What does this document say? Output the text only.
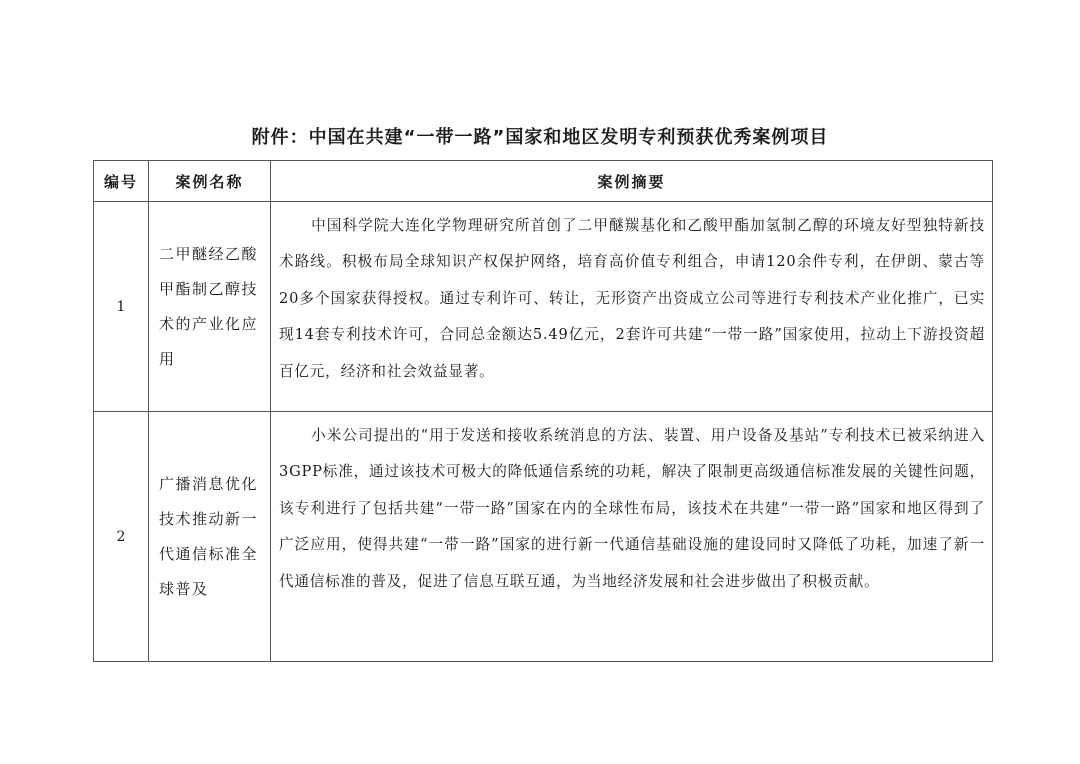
附件：中国在共建“一带一路”国家和地区发明专利预获优秀案例项目
编号	案例名称	案例摘要
1	二甲醚经乙酸甲酯制乙醇技术的产业化应用	中国科学院大连化学物理研究所首创了二甲醚羰基化和乙酸甲酯加氢制乙醇的环境友好型独特新技术路线。积极布局全球知识产权保护网络，培育高价值专利组合，申请120余件专利，在伊朗、蒙古等20多个国家获得授权。通过专利许可、转让，无形资产出资成立公司等进行专利技术产业化推广，已实现14套专利技术许可，合同总金额达5.49亿元，2套许可共建“一带一路”国家使用，拉动上下游投资超百亿元，经济和社会效益显著。
2	广播消息优化技术推动新一代通信标准全球普及	小米公司提出的“用于发送和接收系统消息的方法、装置、用户设备及基站”专利技术已被采纳进入3GPP标准，通过该技术可极大的降低通信系统的功耗，解决了限制更高级通信标准发展的关键性问题，该专利进行了包括共建“一带一路”国家在内的全球性布局，该技术在共建“一带一路”国家和地区得到了广泛应用，使得共建“一带一路”国家的进行新一代通信基础设施的建设同时又降低了功耗，加速了新一代通信标准的普及，促进了信息互联互通，为当地经济发展和社会进步做出了积极贡献。
